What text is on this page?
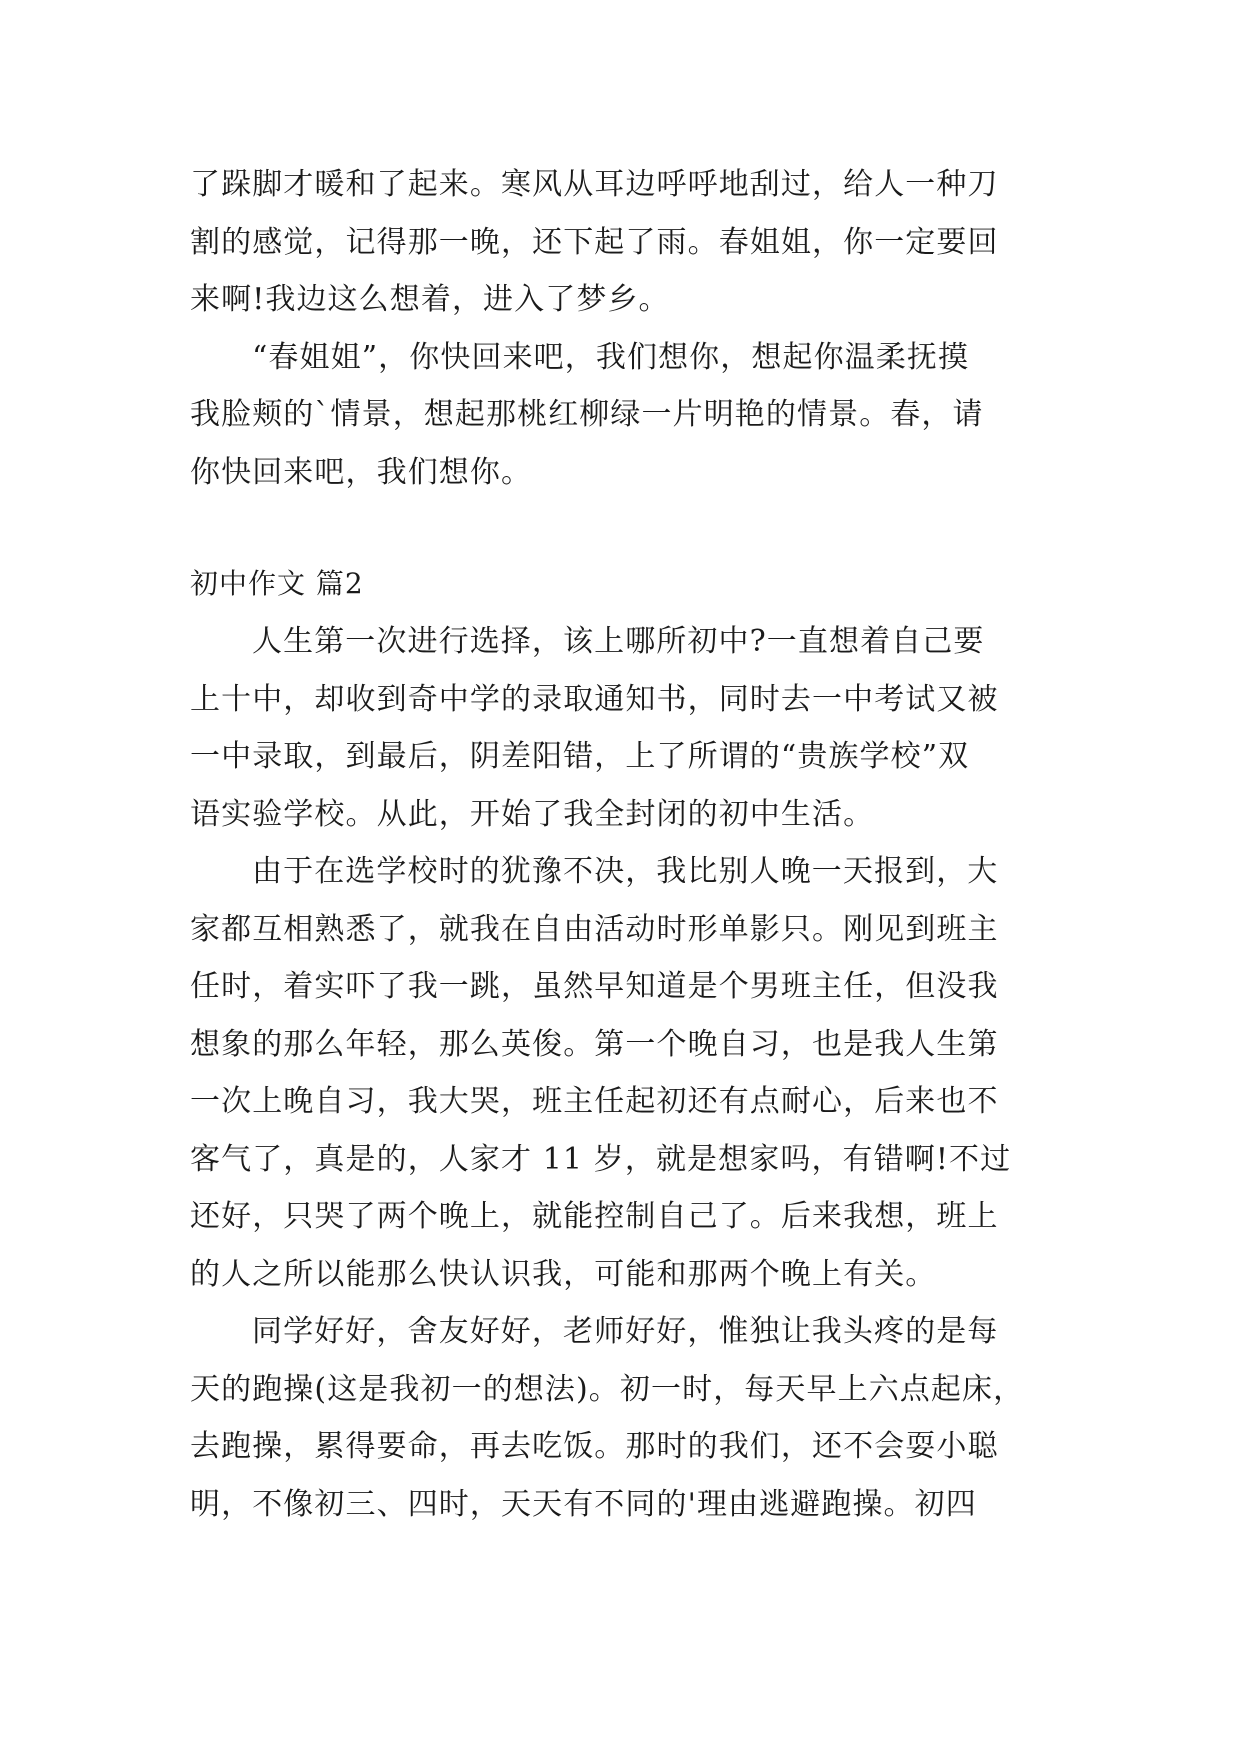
了跺脚才暖和了起来。寒风从耳边呼呼地刮过，给人一种刀
割的感觉，记得那一晚，还下起了雨。春姐姐，你一定要回
来啊!我边这么想着，进入了梦乡。

“春姐姐”，你快回来吧，我们想你，想起你温柔抚摸
我脸颊的`情景，想起那桃红柳绿一片明艳的情景。春，请
你快回来吧，我们想你。

初中作文 篇2

人生第一次进行选择，该上哪所初中?一直想着自己要
上十中，却收到奇中学的录取通知书，同时去一中考试又被
一中录取，到最后，阴差阳错，上了所谓的“贵族学校”双
语实验学校。从此，开始了我全封闭的初中生活。

由于在选学校时的犹豫不决，我比别人晚一天报到，大
家都互相熟悉了，就我在自由活动时形单影只。刚见到班主
任时，着实吓了我一跳，虽然早知道是个男班主任，但没我
想象的那么年轻，那么英俊。第一个晚自习，也是我人生第
一次上晚自习，我大哭，班主任起初还有点耐心，后来也不
客气了，真是的，人家才 11 岁，就是想家吗，有错啊!不过
还好，只哭了两个晚上，就能控制自己了。后来我想，班上
的人之所以能那么快认识我，可能和那两个晚上有关。

同学好好，舍友好好，老师好好，惟独让我头疼的是每
天的跑操(这是我初一的想法)。初一时，每天早上六点起床，
去跑操，累得要命，再去吃饭。那时的我们，还不会耍小聪
明，不像初三、四时，天天有不同的'理由逃避跑操。初四
